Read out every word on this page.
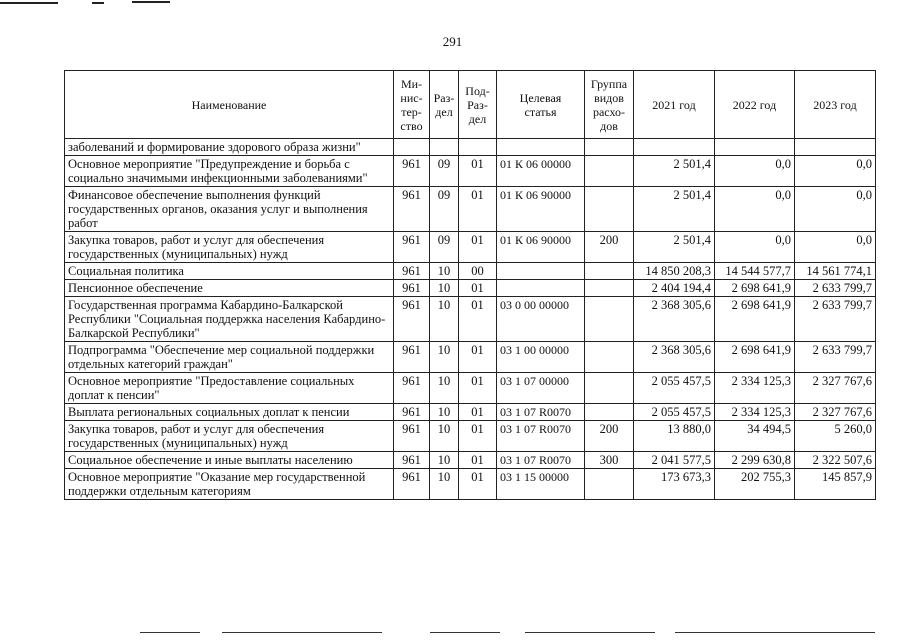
291
Наименование	Ми-
нис-
тер-
ство	Раз-
дел	Под-
Раз-
дел	Целевая
статья	Группа
видов
расхо-
дов	2021 год	2022 год	2023 год
заболеваний и формирование здорового образа жизни"								
Основное мероприятие "Предупреждение и борьба с социально значимыми инфекционными заболеваниями"	961	09	01	01 К 06 00000		2 501,4	0,0	0,0
Финансовое обеспечение выполнения функций государственных органов, оказания услуг и выполнения работ	961	09	01	01 К 06 90000		2 501,4	0,0	0,0
Закупка товаров, работ и услуг для обеспечения государственных (муниципальных) нужд	961	09	01	01 К 06 90000	200	2 501,4	0,0	0,0
Социальная политика	961	10	00			14 850 208,3	14 544 577,7	14 561 774,1
Пенсионное обеспечение	961	10	01			2 404 194,4	2 698 641,9	2 633 799,7
Государственная программа Кабардино-Балкарской Республики "Социальная поддержка населения Кабардино-Балкарской Республики"	961	10	01	03 0 00 00000		2 368 305,6	2 698 641,9	2 633 799,7
Подпрограмма "Обеспечение мер социальной поддержки отдельных категорий граждан"	961	10	01	03 1 00 00000		2 368 305,6	2 698 641,9	2 633 799,7
Основное мероприятие "Предоставление социальных доплат к пенсии"	961	10	01	03 1 07 00000		2 055 457,5	2 334 125,3	2 327 767,6
Выплата региональных социальных доплат к пенсии	961	10	01	03 1 07 R0070		2 055 457,5	2 334 125,3	2 327 767,6
Закупка товаров, работ и услуг для обеспечения государственных (муниципальных) нужд	961	10	01	03 1 07 R0070	200	13 880,0	34 494,5	5 260,0
Социальное обеспечение и иные выплаты населению	961	10	01	03 1 07 R0070	300	2 041 577,5	2 299 630,8	2 322 507,6
Основное мероприятие "Оказание мер государственной поддержки отдельным категориям	961	10	01	03 1 15 00000		173 673,3	202 755,3	145 857,9
